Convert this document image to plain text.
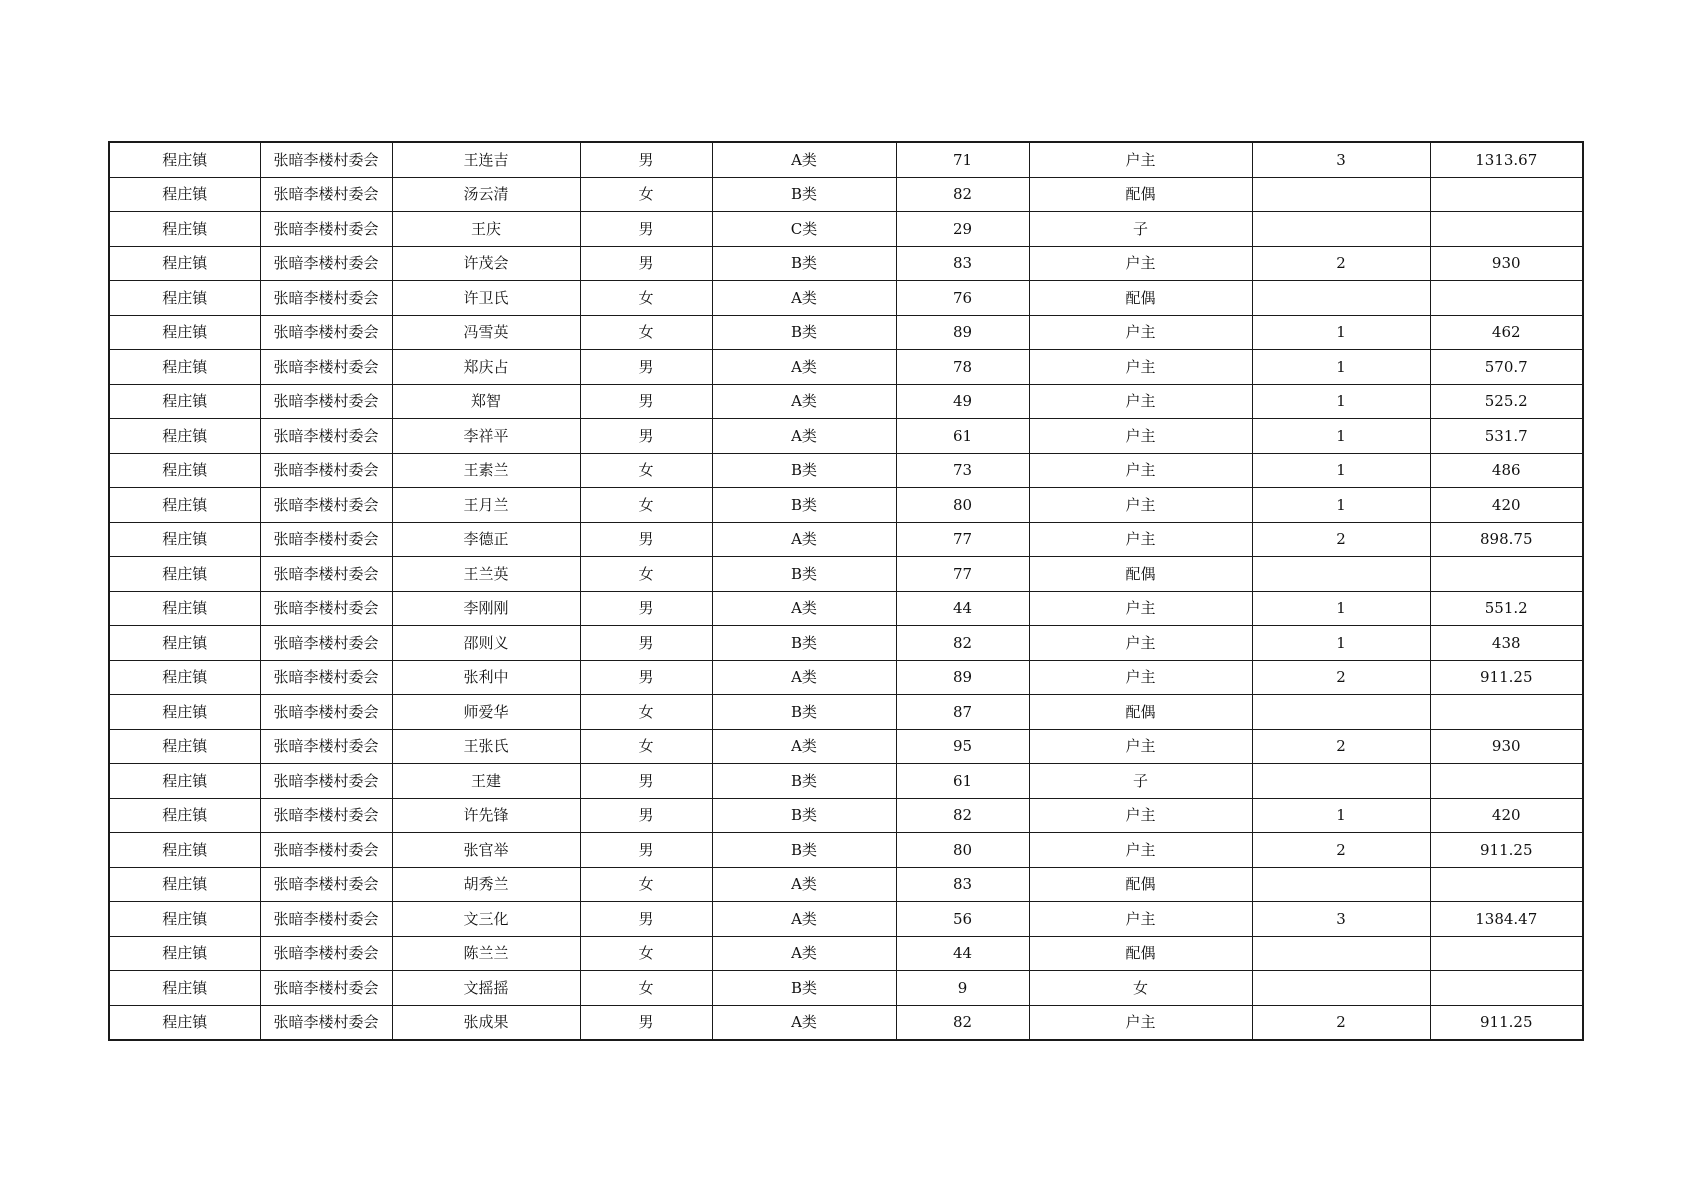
程庄镇	张暗李楼村委会	王连吉	男	A类	71	户主	3	1313.67
程庄镇	张暗李楼村委会	汤云清	女	B类	82	配偶		
程庄镇	张暗李楼村委会	王庆	男	C类	29	子		
程庄镇	张暗李楼村委会	许茂会	男	B类	83	户主	2	930
程庄镇	张暗李楼村委会	许卫氏	女	A类	76	配偶		
程庄镇	张暗李楼村委会	冯雪英	女	B类	89	户主	1	462
程庄镇	张暗李楼村委会	郑庆占	男	A类	78	户主	1	570.7
程庄镇	张暗李楼村委会	郑智	男	A类	49	户主	1	525.2
程庄镇	张暗李楼村委会	李祥平	男	A类	61	户主	1	531.7
程庄镇	张暗李楼村委会	王素兰	女	B类	73	户主	1	486
程庄镇	张暗李楼村委会	王月兰	女	B类	80	户主	1	420
程庄镇	张暗李楼村委会	李德正	男	A类	77	户主	2	898.75
程庄镇	张暗李楼村委会	王兰英	女	B类	77	配偶		
程庄镇	张暗李楼村委会	李刚刚	男	A类	44	户主	1	551.2
程庄镇	张暗李楼村委会	邵则义	男	B类	82	户主	1	438
程庄镇	张暗李楼村委会	张利中	男	A类	89	户主	2	911.25
程庄镇	张暗李楼村委会	师爱华	女	B类	87	配偶		
程庄镇	张暗李楼村委会	王张氏	女	A类	95	户主	2	930
程庄镇	张暗李楼村委会	王建	男	B类	61	子		
程庄镇	张暗李楼村委会	许先锋	男	B类	82	户主	1	420
程庄镇	张暗李楼村委会	张官举	男	B类	80	户主	2	911.25
程庄镇	张暗李楼村委会	胡秀兰	女	A类	83	配偶		
程庄镇	张暗李楼村委会	文三化	男	A类	56	户主	3	1384.47
程庄镇	张暗李楼村委会	陈兰兰	女	A类	44	配偶		
程庄镇	张暗李楼村委会	文摇摇	女	B类	9	女		
程庄镇	张暗李楼村委会	张成果	男	A类	82	户主	2	911.25
